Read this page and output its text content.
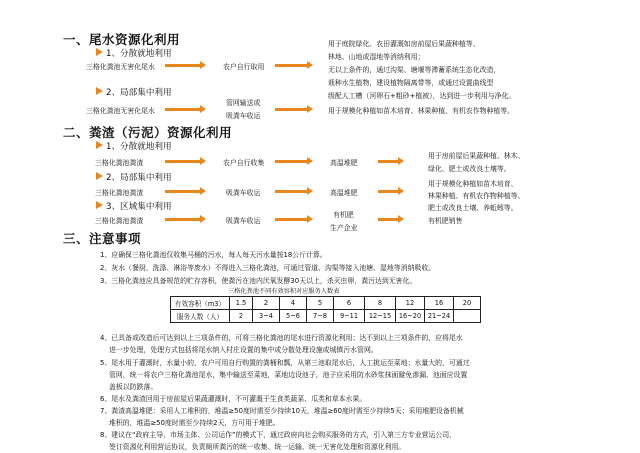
一、尾水资源化利用
1、分散就地利用
三格化粪池无害化尾水	农户自行取用
用于庭院绿化、农田灌溉如房前屋后果蔬种植等、
林地、山地或湿地等消纳利用；
无以上条件的，通过沟渠、塘堰等滞蓄系统生态化改造，
栽种水生植物，建设植物隔离带等，或通过设置曲线型
级配人工槽（河卵石+粗砂+植被），达到进一步利用与净化。
2、局部集中利用
三格化粪池无害化尾水
管网输送或
吸粪车收运
用于规模化种植如苗木培育、林果种植、有机农作物种植等。
二、粪渣（污泥）资源化利用
1、分散就地利用
三格化粪池粪渣	农户自行收集	高温堆肥
用于房前屋后果蔬种植、林木、
绿化、肥土或改良土壤等。
2、局部集中利用
三格化粪池粪渣	吸粪车收运	高温堆肥
用于规模化种植如苗木培育、
林果种植、有机农作物种植等、
肥土或改良土壤、养蚯蚓等。
3、区域集中利用
三格化粪池粪渣	吸粪车收运
有机肥
生产企业
有机肥销售
三、注意事项
1、应确保三格化粪池仅收集马桶的污水，每人每天污水量按18公斤计算。
2、灰水（餐厨、洗涤、淋浴等废水）不得进入三格化粪池，可通过管道、沟渠等接入池塘、湿地等消纳吸收。
3、三格化粪池应具备规范的贮存容积，使粪污在池内厌氧发酵30天以上，杀灭虫卵，粪污达到无害化。
三格化粪池不同有效容积对应服务人数表
有效容积（m3）	1.5	2	4	5	6	8	12	16	20
服务人数（人）	2	3~4	5~6	7~8	9~11	12~15	16~20	21~24	
4、已具备或改造后可达到以上三项条件的，可将三格化粪池的尾水进行资源化利用；达不到以上三项条件的，应将尾水
进一步处理，处理方式包括将尾水纳入村庄设置的集中或分散处理设施或城镇污水管网。
5、尾水用于灌溉时，水量小的，农户可用自行购置的粪桶和瓢，从第三池取尾水后，人工挑运至菜地；水量大的，可通过
管网，统一将农户三格化粪池尾水，集中输送至菜地，菜地边设池子，池子应采用防水砂浆抹面避免渗漏、池面应设置
盖板以防跌落。
6、尾水及粪渣回用于房前屋后果蔬灌溉时，不可灌溉于生食类蔬菜、瓜类和草本水果。
7、粪渣高温堆肥：采用人工堆积的，堆温≥50度时需至少持续10天，堆温≥60度时需至少持续5天；采用堆肥设备机械
堆积的，堆温≥50度时需至少持续2天，方可用于堆肥。
8、建议在“政府主导、市场主体、公司运作”的模式下，通过政府向社会购买服务的方式，引入第三方专业营运公司，
签订资源化利用营运协议，负责厕所粪污的统一收集、统一运输、统一无害化处理和资源化利用。
